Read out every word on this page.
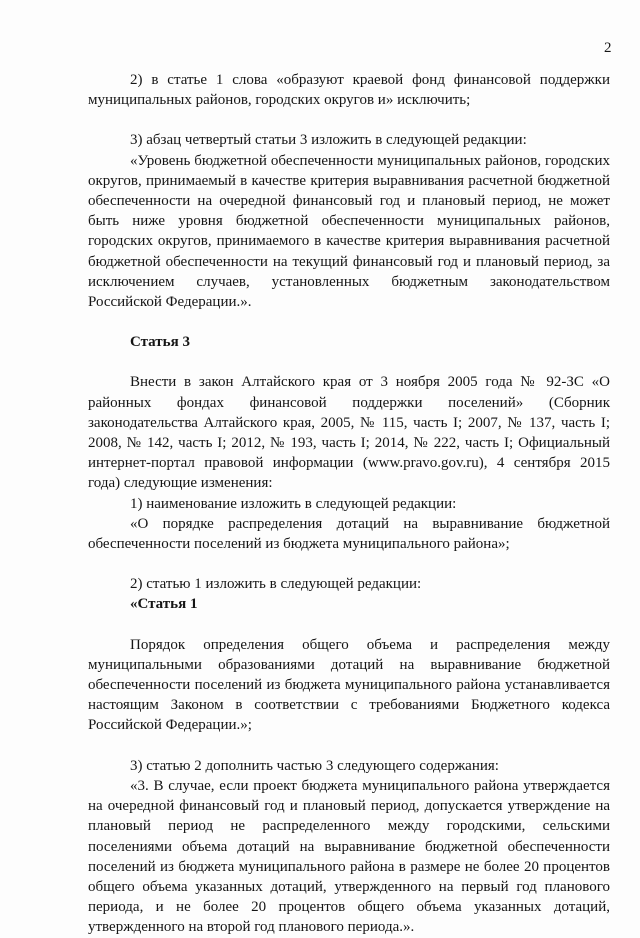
2

2) в статье 1 слова «образуют краевой фонд финансовой поддержки муниципальных районов, городских округов и» исключить;

3) абзац четвертый статьи 3 изложить в следующей редакции:

«Уровень бюджетной обеспеченности муниципальных районов, городских округов, принимаемый в качестве критерия выравнивания расчетной бюджетной обеспеченности на очередной финансовый год и плановый период, не может быть ниже уровня бюджетной обеспеченности муниципальных районов, городских округов, принимаемого в качестве критерия выравнивания расчетной бюджетной обеспеченности на текущий финансовый год и плановый период, за исключением случаев, установленных бюджетным законодательством Российской Федерации.».

Статья 3

Внести в закон Алтайского края от 3 ноября 2005 года № 92-ЗС «О районных фондах финансовой поддержки поселений» (Сборник законодательства Алтайского края, 2005, № 115, часть I; 2007, № 137, часть I; 2008, № 142, часть I; 2012, № 193, часть I; 2014, № 222, часть I; Официальный интернет-портал правовой информации (www.pravo.gov.ru), 4 сентября 2015 года) следующие изменения:

1) наименование изложить в следующей редакции:

«О порядке распределения дотаций на выравнивание бюджетной обеспеченности поселений из бюджета муниципального района»;

2) статью 1 изложить в следующей редакции:

«Статья 1

Порядок определения общего объема и распределения между муниципальными образованиями дотаций на выравнивание бюджетной обеспеченности поселений из бюджета муниципального района устанавливается настоящим Законом в соответствии с требованиями Бюджетного кодекса Российской Федерации.»;

3) статью 2 дополнить частью 3 следующего содержания:

«3. В случае, если проект бюджета муниципального района утверждается на очередной финансовый год и плановый период, допускается утверждение на плановый период не распределенного между городскими, сельскими поселениями объема дотаций на выравнивание бюджетной обеспеченности поселений из бюджета муниципального района в размере не более 20 процентов общего объема указанных дотаций, утвержденного на первый год планового периода, и не более 20 процентов общего объема указанных дотаций, утвержденного на второй год планового периода.».
